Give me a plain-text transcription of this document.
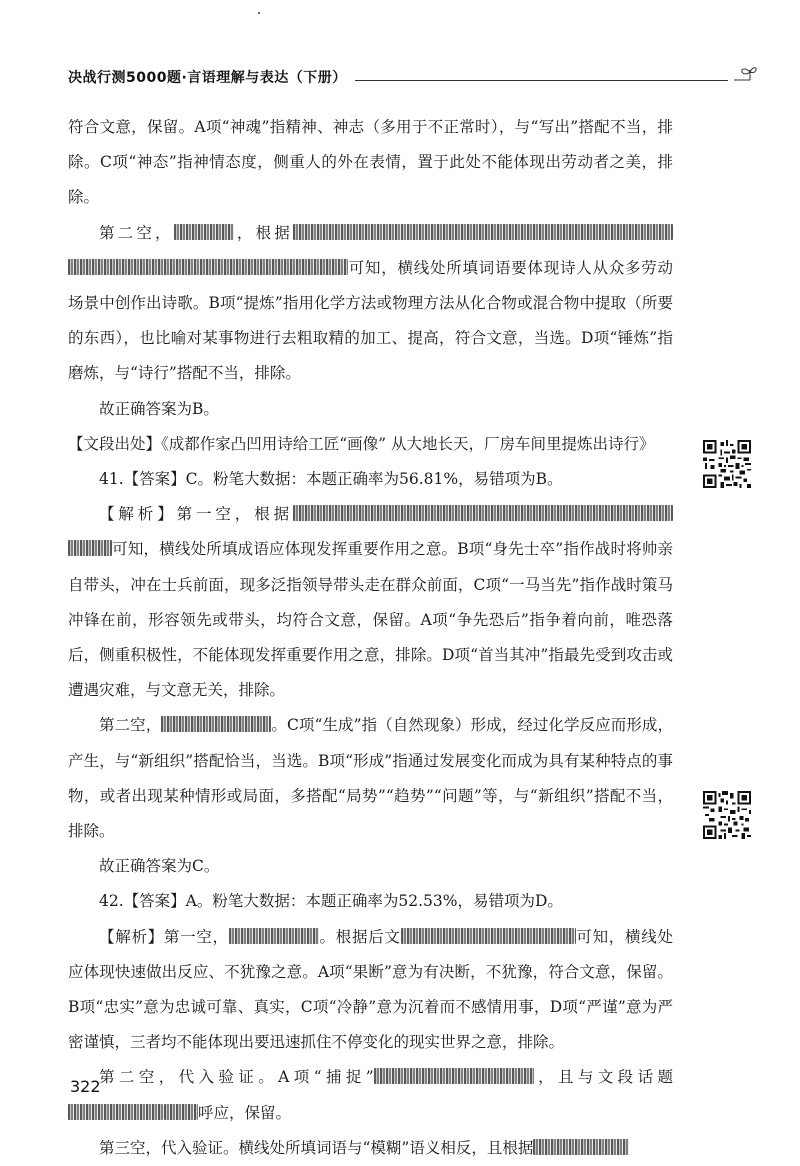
决战行测5000题·言语理解与表达（下册）

符合文意，保留。A项“神魂”指精神、神志（多用于不正常时），与“写出”搭配不当，排除。C项“神态”指神情态度，侧重人的外在表情，置于此处不能体现出劳动者之美，排除。

第二空，	，根据可知，横线处所填词语要体现诗人从众多劳动场景中创作出诗歌。B项“提炼”指用化学方法或物理方法从化合物或混合物中提取（所要的东西），也比喻对某事物进行去粗取精的加工、提高，符合文意，当选。D项“锤炼”指磨炼，与“诗行”搭配不当，排除。

故正确答案为B。

【文段出处】《成都作家凸凹用诗给工匠“画像” 从大地长天，厂房车间里提炼出诗行》

41.【答案】C。粉笔大数据：本题正确率为56.81%，易错项为B。

【解析】第一空，根据可知，横线处所填成语应体现发挥重要作用之意。B项“身先士卒”指作战时将帅亲自带头，冲在士兵前面，现多泛指领导带头走在群众前面，C项“一马当先”指作战时策马冲锋在前，形容领先或带头，均符合文意，保留。A项“争先恐后”指争着向前，唯恐落后，侧重积极性，不能体现发挥重要作用之意，排除。D项“首当其冲”指最先受到攻击或遭遇灾难，与文意无关，排除。

第二空，	。C项“生成”指（自然现象）形成，经过化学反应而形成，产生，与“新组织”搭配恰当，当选。B项“形成”指通过发展变化而成为具有某种特点的事物，或者出现某种情形或局面，多搭配“局势”“趋势”“问题”等，与“新组织”搭配不当，排除。

故正确答案为C。

42.【答案】A。粉笔大数据：本题正确率为52.53%，易错项为D。

【解析】第一空，	。根据后文	可知，横线处应体现快速做出反应、不犹豫之意。A项“果断”意为有决断，不犹豫，符合文意，保留。B项“忠实”意为忠诚可靠、真实，C项“冷静”意为沉着而不感情用事，D项“严谨”意为严密谨慎，三者均不能体现出要迅速抓住不停变化的现实世界之意，排除。

第二空，代入验证。A项“捕捉”	，且与文段话题呼应，保留。

第三空，代入验证。横线处所填词语与“模糊”语义相反，且根据

322
